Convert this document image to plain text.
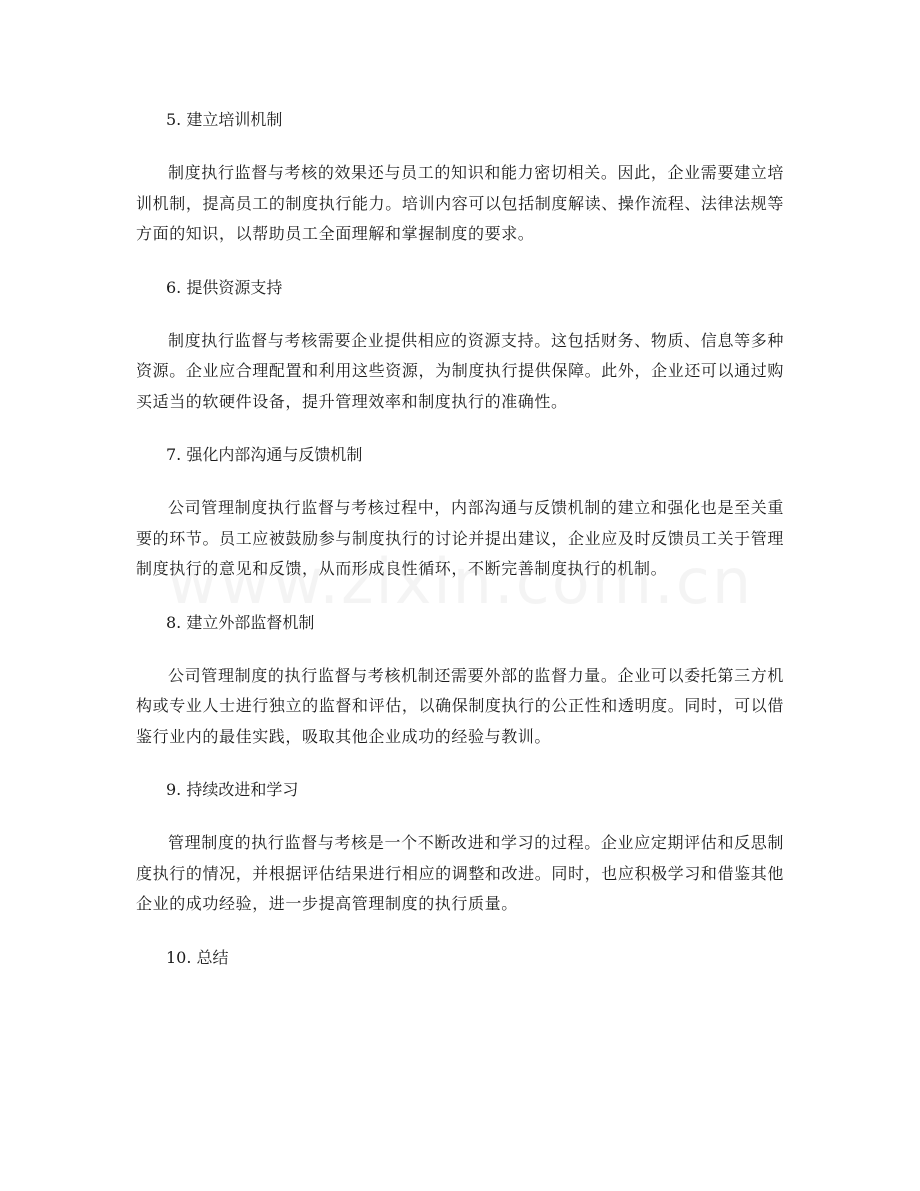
5. 建立培训机制

制度执行监督与考核的效果还与员工的知识和能力密切相关。因此，企业需要建立培训机制，提高员工的制度执行能力。培训内容可以包括制度解读、操作流程、法律法规等方面的知识，以帮助员工全面理解和掌握制度的要求。

6. 提供资源支持

制度执行监督与考核需要企业提供相应的资源支持。这包括财务、物质、信息等多种资源。企业应合理配置和利用这些资源，为制度执行提供保障。此外，企业还可以通过购买适当的软硬件设备，提升管理效率和制度执行的准确性。

7. 强化内部沟通与反馈机制

公司管理制度执行监督与考核过程中，内部沟通与反馈机制的建立和强化也是至关重要的环节。员工应被鼓励参与制度执行的讨论并提出建议，企业应及时反馈员工关于管理制度执行的意见和反馈，从而形成良性循环，不断完善制度执行的机制。

8. 建立外部监督机制

公司管理制度的执行监督与考核机制还需要外部的监督力量。企业可以委托第三方机构或专业人士进行独立的监督和评估，以确保制度执行的公正性和透明度。同时，可以借鉴行业内的最佳实践，吸取其他企业成功的经验与教训。

9. 持续改进和学习

管理制度的执行监督与考核是一个不断改进和学习的过程。企业应定期评估和反思制度执行的情况，并根据评估结果进行相应的调整和改进。同时，也应积极学习和借鉴其他企业的成功经验，进一步提高管理制度的执行质量。

10. 总结
